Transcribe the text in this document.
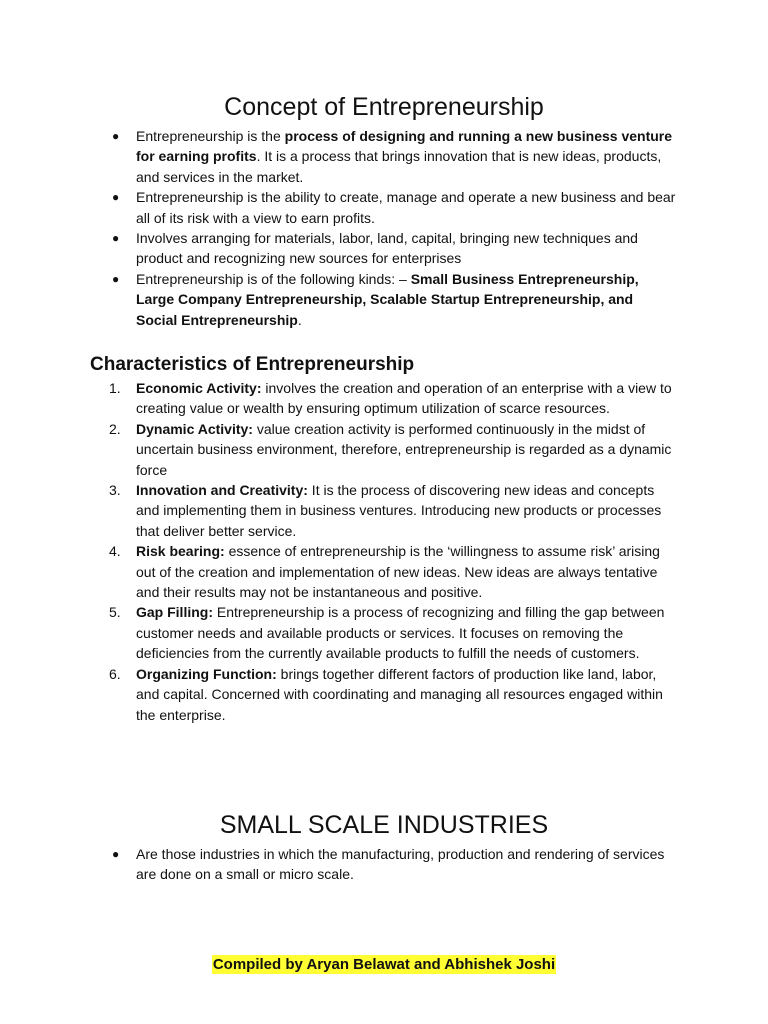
Concept of Entrepreneurship
● Entrepreneurship is the process of designing and running a new business venture for earning profits. It is a process that brings innovation that is new ideas, products, and services in the market.
● Entrepreneurship is the ability to create, manage and operate a new business and bear all of its risk with a view to earn profits.
● Involves arranging for materials, labor, land, capital, bringing new techniques and product and recognizing new sources for enterprises
● Entrepreneurship is of the following kinds: – Small Business Entrepreneurship, Large Company Entrepreneurship, Scalable Startup Entrepreneurship, and Social Entrepreneurship.
Characteristics of Entrepreneurship
1.	Economic Activity: involves the creation and operation of an enterprise with a view to creating value or wealth by ensuring optimum utilization of scarce resources.
2.	Dynamic Activity: value creation activity is performed continuously in the midst of uncertain business environment, therefore, entrepreneurship is regarded as a dynamic force
3.	Innovation and Creativity: It is the process of discovering new ideas and concepts and implementing them in business ventures. Introducing new products or processes that deliver better service.
4.	Risk bearing: essence of entrepreneurship is the ‘willingness to assume risk’ arising out of the creation and implementation of new ideas. New ideas are always tentative and their results may not be instantaneous and positive.
5.	Gap Filling: Entrepreneurship is a process of recognizing and filling the gap between customer needs and available products or services. It focuses on removing the deficiencies from the currently available products to fulfill the needs of customers.
6.	Organizing Function: brings together different factors of production like land, labor, and capital. Concerned with coordinating and managing all resources engaged within the enterprise.
SMALL SCALE INDUSTRIES
● Are those industries in which the manufacturing, production and rendering of services are done on a small or micro scale.
Compiled by Aryan Belawat and Abhishek Joshi
